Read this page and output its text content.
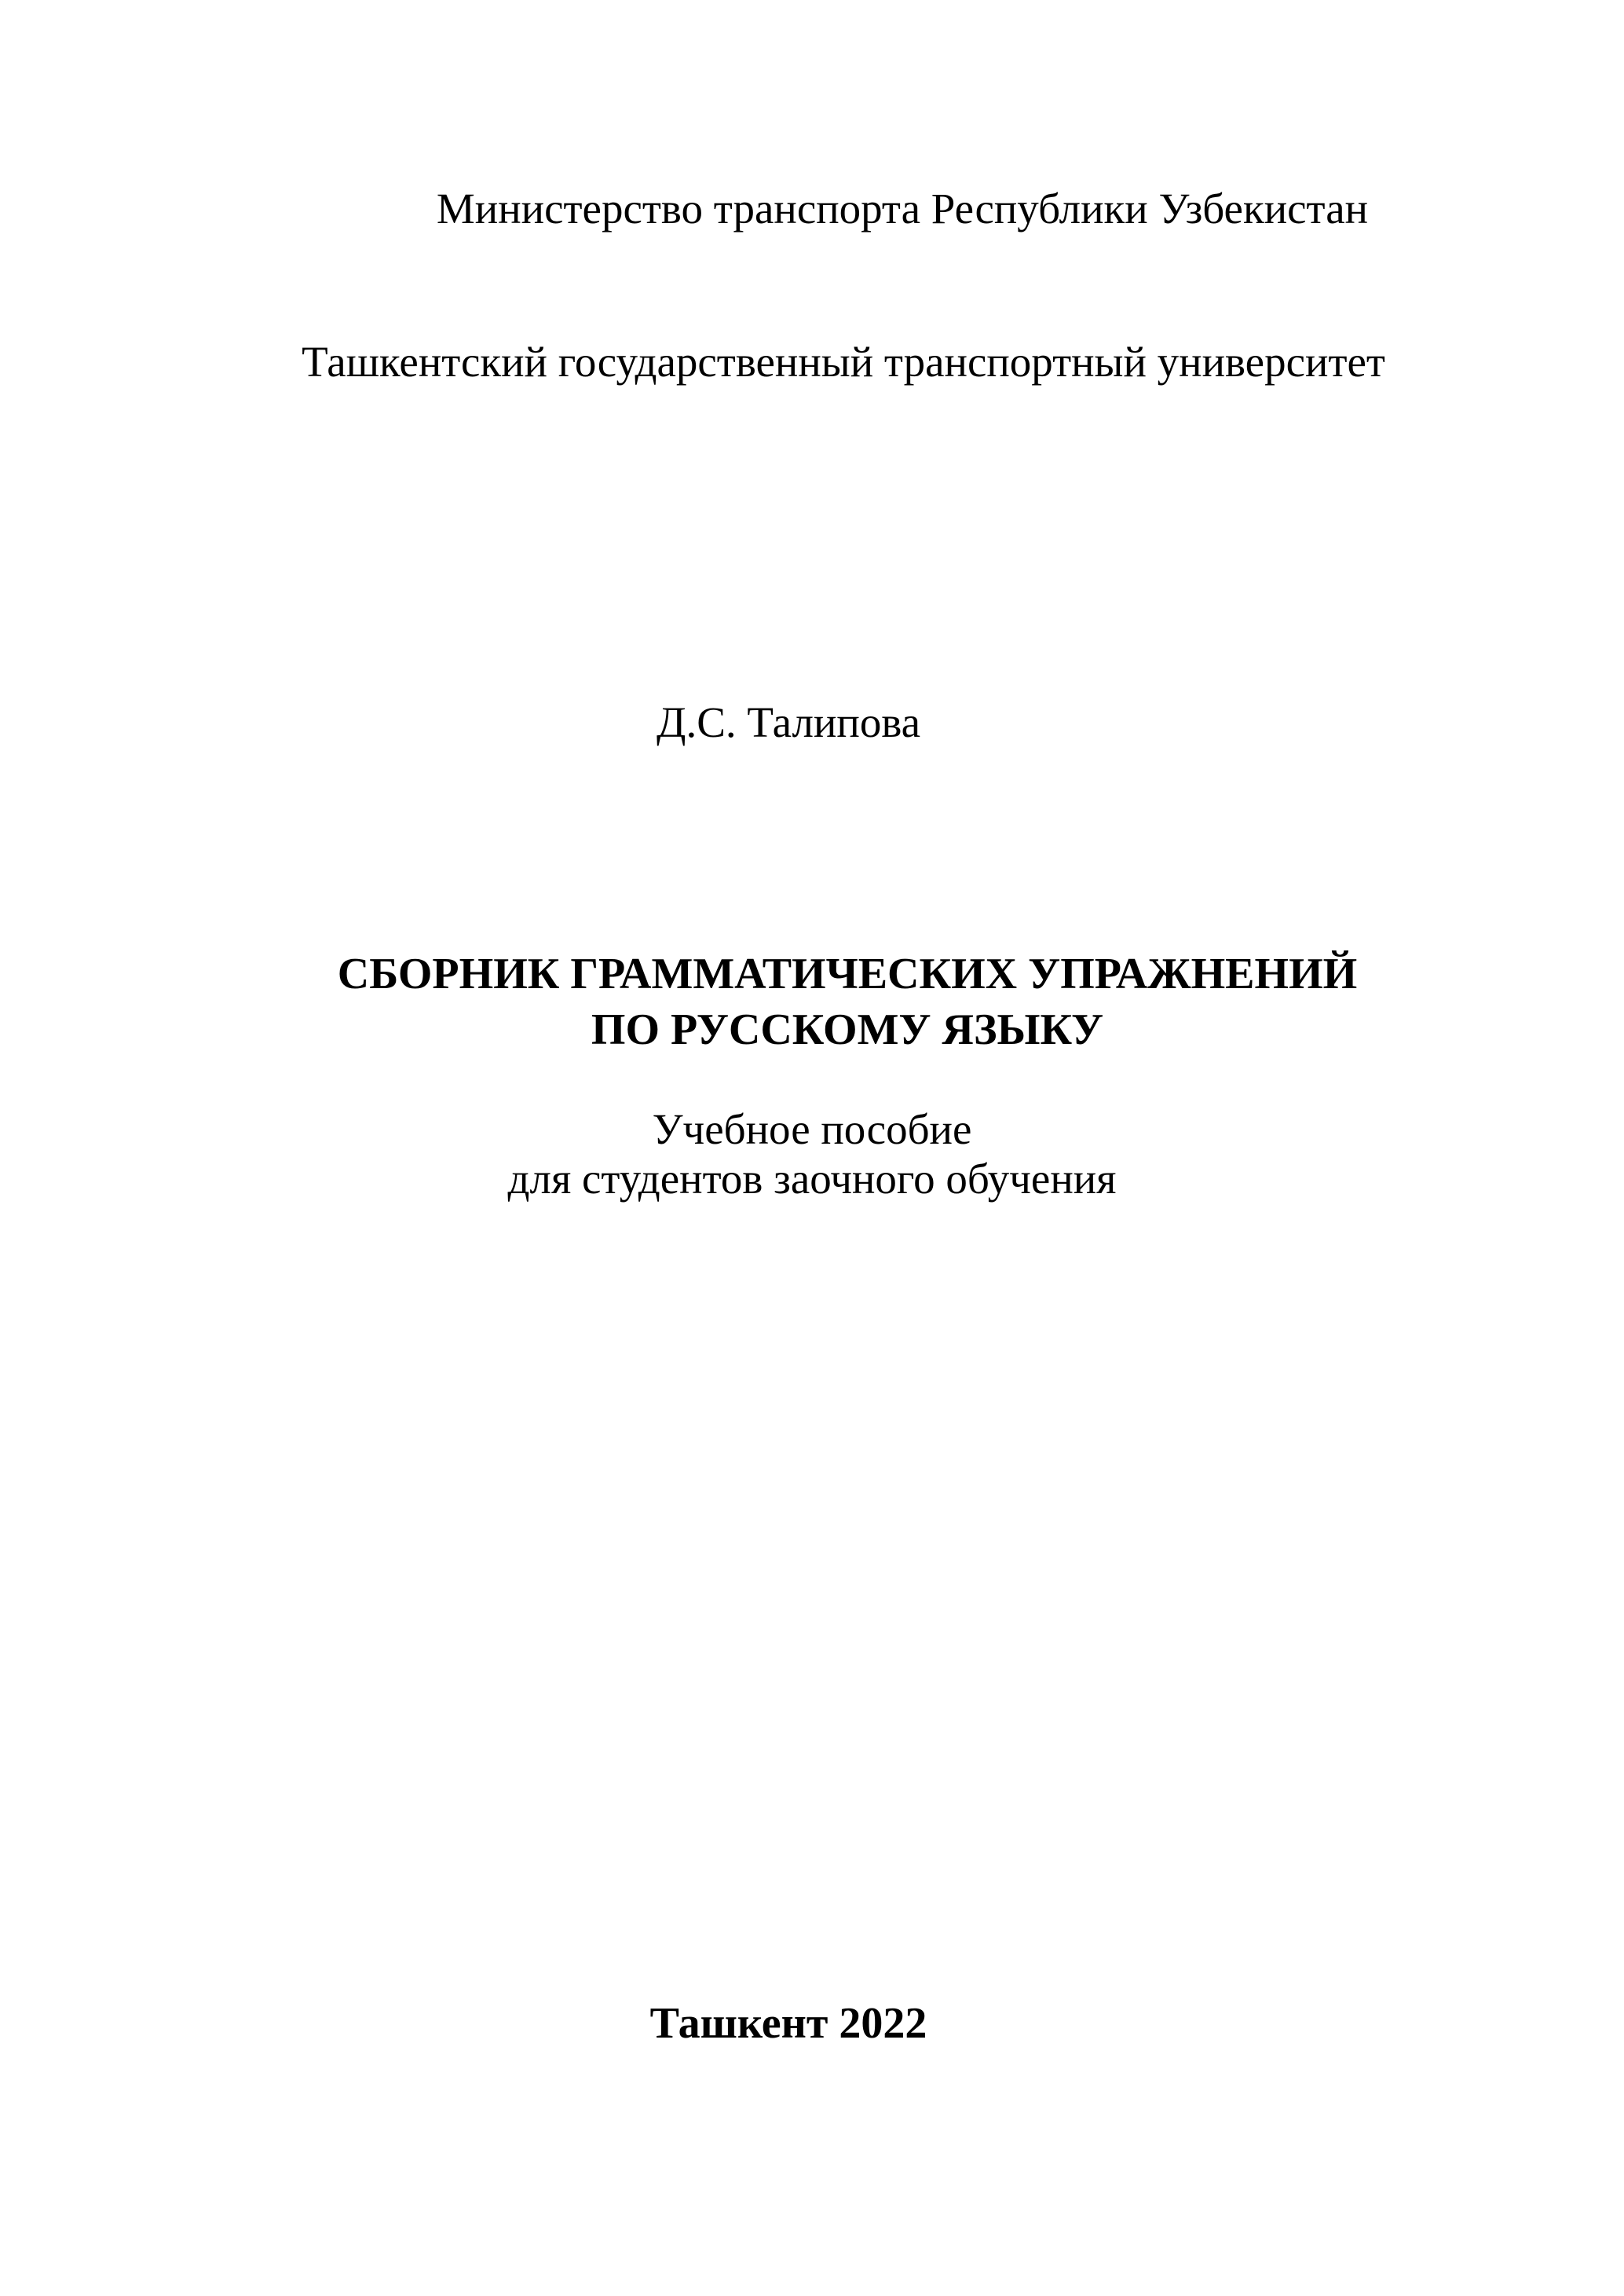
Министерство транспорта Республики Узбекистан
Ташкентский государственный транспортный университет
Д.С. Талипова
СБОРНИК ГРАММАТИЧЕСКИХ УПРАЖНЕНИЙ
ПО РУССКОМУ ЯЗЫКУ
Учебное пособие
для студентов заочного обучения
Ташкент 2022
